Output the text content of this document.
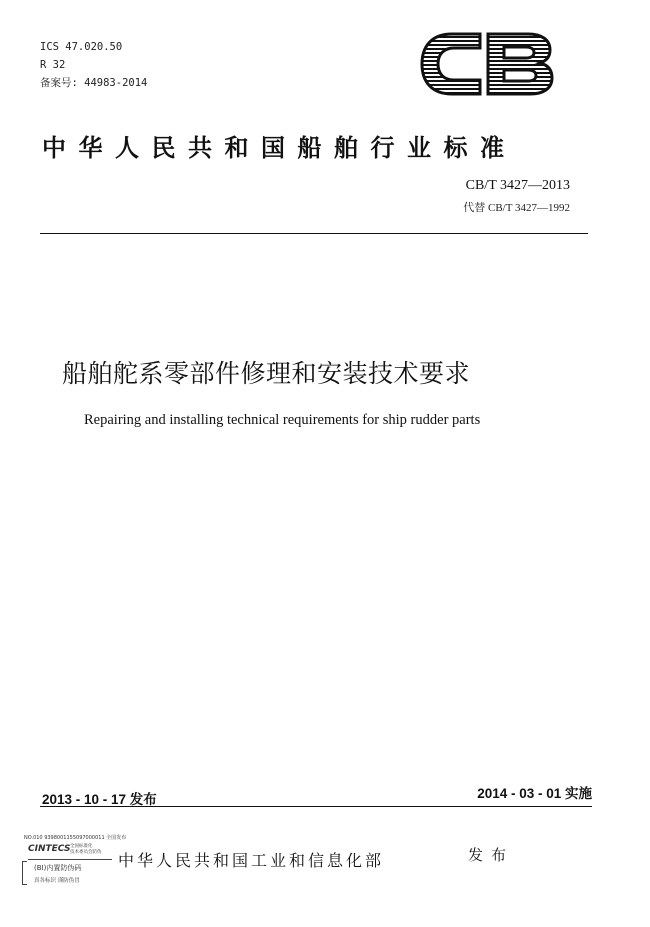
ICS 47.020.50
R 32
备案号: 44983-2014
中华人民共和国船舶行业标准
CB/T 3427—2013
代替 CB/T 3427—1992
船舶舵系零部件修理和安装技术要求
Repairing and installing technical requirements for ship rudder parts
2013 - 10 - 17 发布	2014 - 03 - 01 实施
NO.010 9398001155097000011 全国发布
CINTECS 全国标准化
技术委员会防伪
(BI)内置防伪码
真各标识 谨防伪冒
中华人民共和国工业和信息化部	发布
